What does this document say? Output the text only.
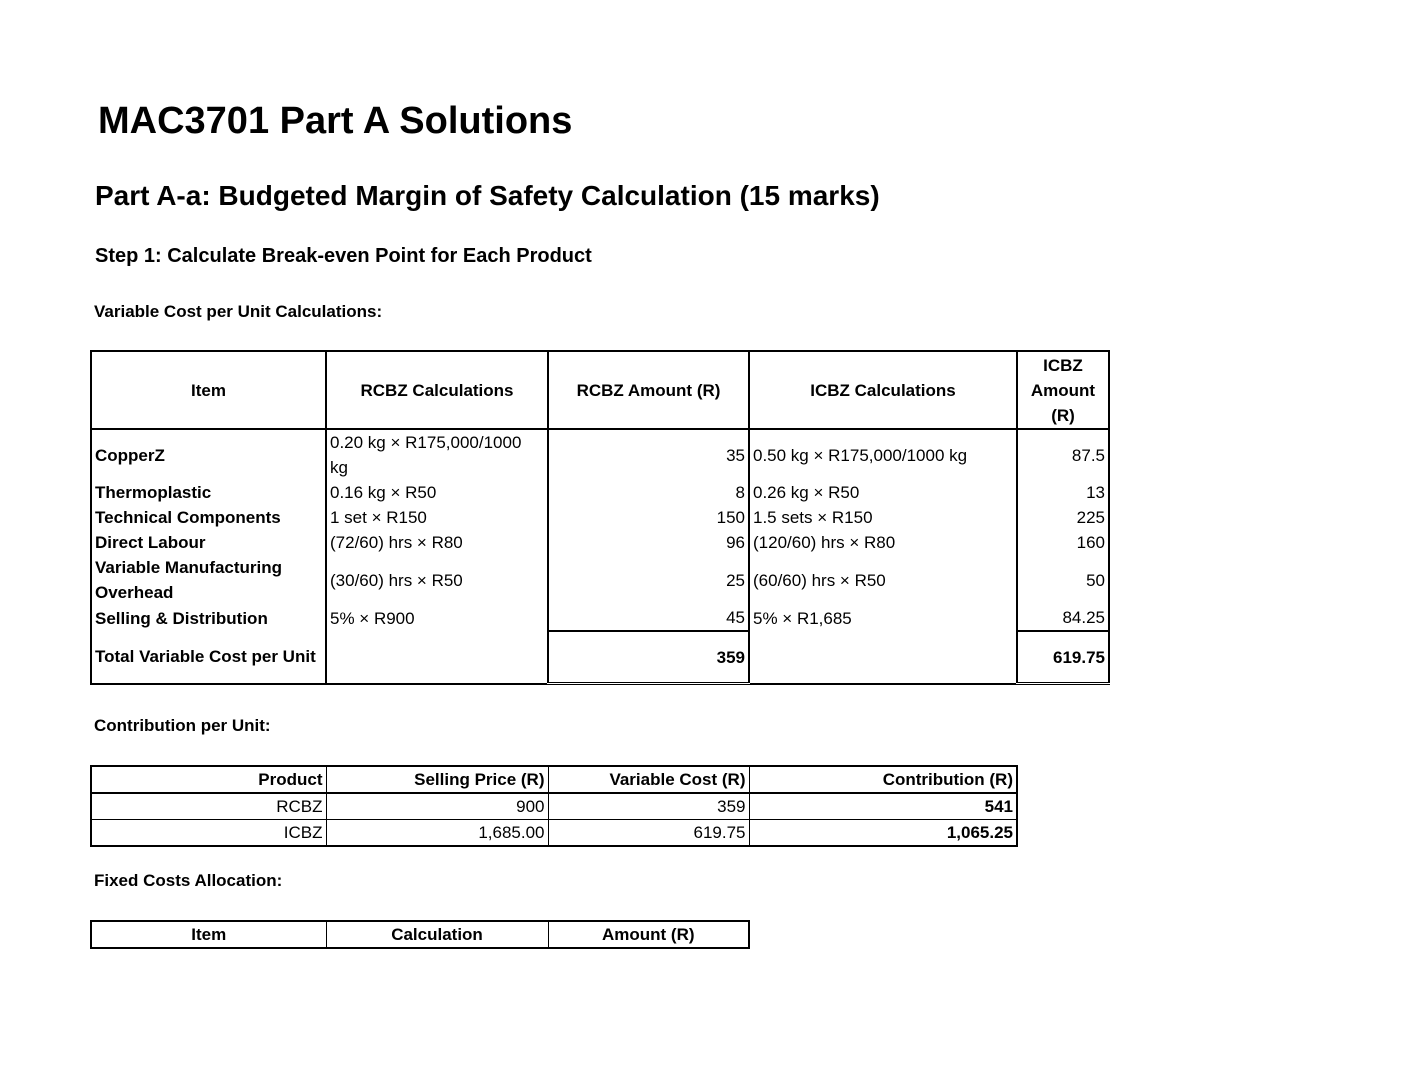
MAC3701 Part A Solutions
Part A-a: Budgeted Margin of Safety Calculation (15 marks)
Step 1: Calculate Break-even Point for Each Product
Variable Cost per Unit Calculations:
Item	RCBZ Calculations	RCBZ Amount (R)	ICBZ Calculations	ICBZ Amount (R)
CopperZ	0.20 kg × R175,000/1000 kg	35	0.50 kg × R175,000/1000 kg	87.5
Thermoplastic	0.16 kg × R50	8	0.26 kg × R50	13
Technical Components	1 set × R150	150	1.5 sets × R150	225
Direct Labour	(72/60) hrs × R80	96	(120/60) hrs × R80	160
Variable Manufacturing Overhead	(30/60) hrs × R50	25	(60/60) hrs × R50	50
Selling & Distribution	5% × R900	45	5% × R1,685	84.25
Total Variable Cost per Unit		359		619.75
Contribution per Unit:
Product	Selling Price (R)	Variable Cost (R)	Contribution (R)
RCBZ	900	359	541
ICBZ	1,685.00	619.75	1,065.25
Fixed Costs Allocation:
Item	Calculation	Amount (R)
